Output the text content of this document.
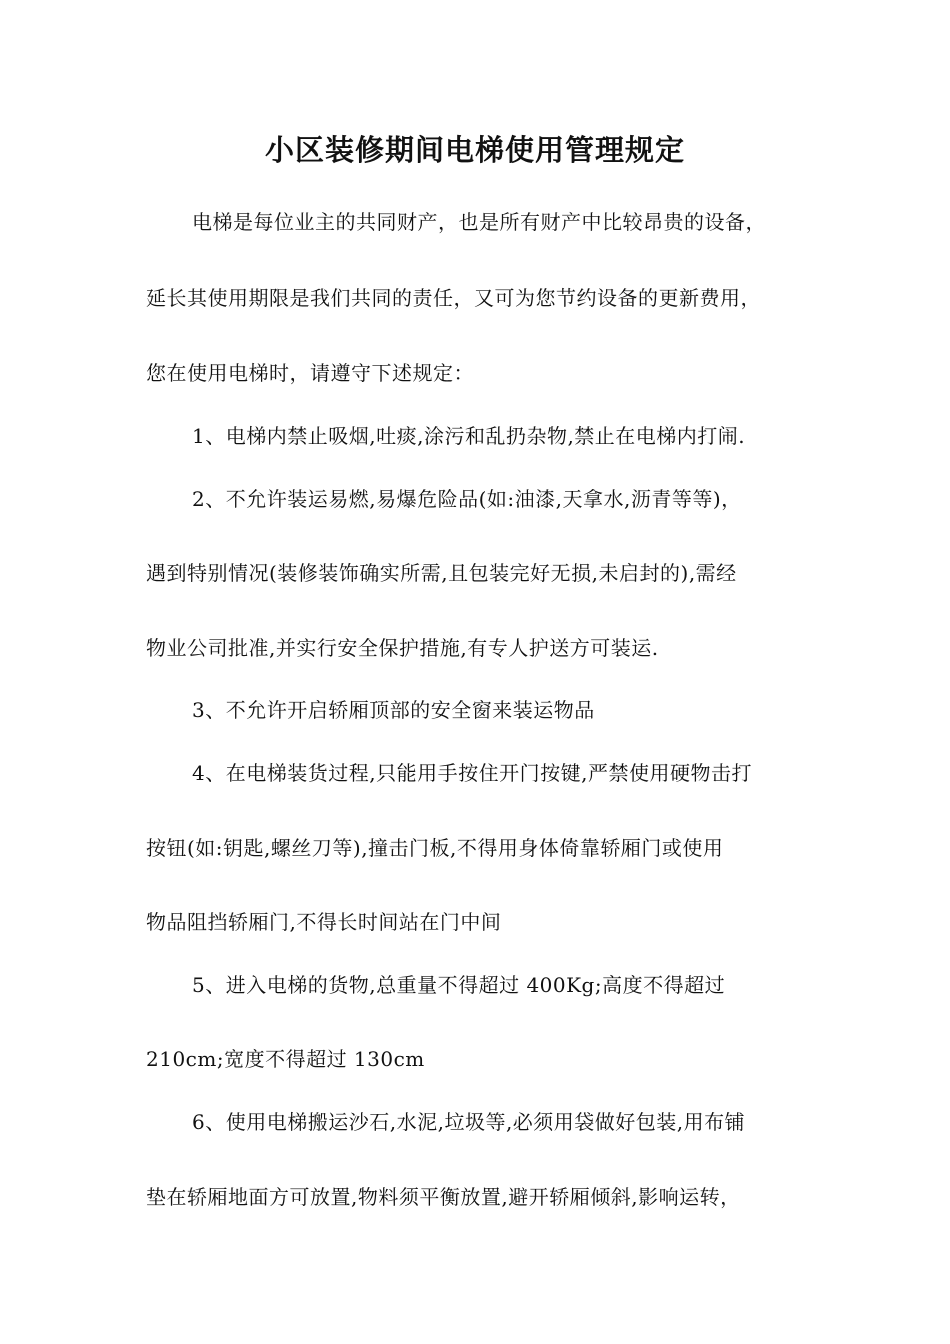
小区装修期间电梯使用管理规定
电梯是每位业主的共同财产，也是所有财产中比较昂贵的设备，
延长其使用期限是我们共同的责任，又可为您节约设备的更新费用，
您在使用电梯时，请遵守下述规定：
1、电梯内禁止吸烟,吐痰,涂污和乱扔杂物,禁止在电梯内打闹.
2、不允许装运易燃,易爆危险品(如:油漆,天拿水,沥青等等)，
遇到特别情况(装修装饰确实所需,且包装完好无损,未启封的),需经
物业公司批准,并实行安全保护措施,有专人护送方可装运.
3、不允许开启轿厢顶部的安全窗来装运物品
4、在电梯装货过程,只能用手按住开门按键,严禁使用硬物击打
按钮(如:钥匙,螺丝刀等),撞击门板,不得用身体倚靠轿厢门或使用
物品阻挡轿厢门,不得长时间站在门中间
5、进入电梯的货物,总重量不得超过 400Kg;高度不得超过
210cm;宽度不得超过 130cm
6、使用电梯搬运沙石,水泥,垃圾等,必须用袋做好包装,用布铺
垫在轿厢地面方可放置,物料须平衡放置,避开轿厢倾斜,影响运转，
